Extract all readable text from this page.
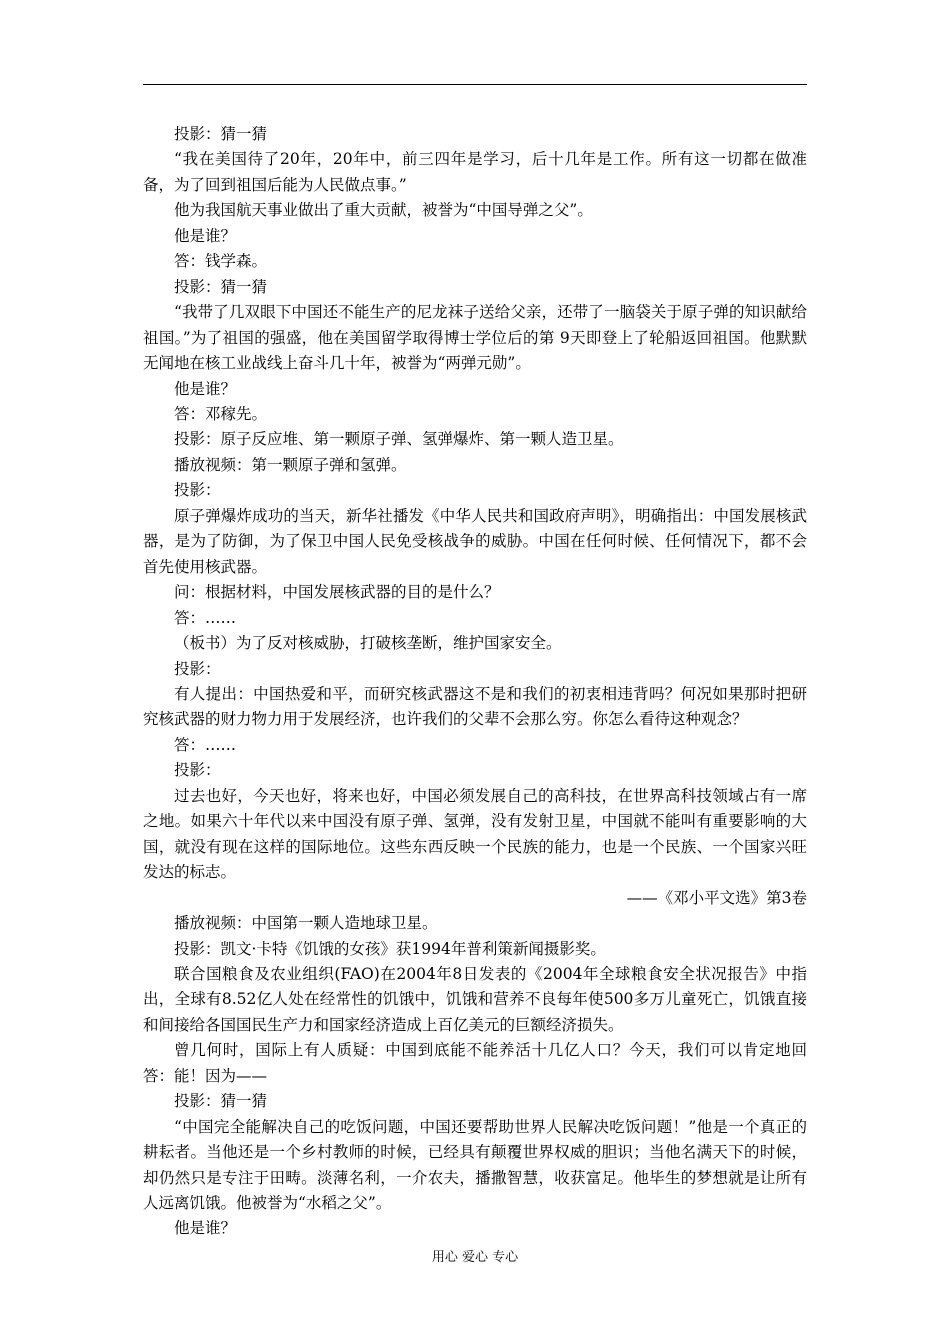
投影：猜一猜

“我在美国待了20年，20年中，前三四年是学习，后十几年是工作。所有这一切都在做准备，为了回到祖国后能为人民做点事。”

他为我国航天事业做出了重大贡献，被誉为“中国导弹之父”。

他是谁？

答：钱学森。

投影：猜一猜

“我带了几双眼下中国还不能生产的尼龙袜子送给父亲，还带了一脑袋关于原子弹的知识献给祖国。”为了祖国的强盛，他在美国留学取得博士学位后的第 9天即登上了轮船返回祖国。他默默无闻地在核工业战线上奋斗几十年，被誉为“两弹元勋”。

他是谁？

答：邓稼先。

投影：原子反应堆、第一颗原子弹、氢弹爆炸、第一颗人造卫星。

播放视频：第一颗原子弹和氢弹。

投影：

原子弹爆炸成功的当天，新华社播发《中华人民共和国政府声明》，明确指出：中国发展核武器，是为了防御，为了保卫中国人民免受核战争的威胁。中国在任何时候、任何情况下，都不会首先使用核武器。

问：根据材料，中国发展核武器的目的是什么？

答：……

（板书）为了反对核威胁，打破核垄断，维护国家安全。

投影：

有人提出：中国热爱和平，而研究核武器这不是和我们的初衷相违背吗？何况如果那时把研究核武器的财力物力用于发展经济，也许我们的父辈不会那么穷。你怎么看待这种观念？

答：……

投影：

过去也好，今天也好，将来也好，中国必须发展自己的高科技，在世界高科技领域占有一席之地。如果六十年代以来中国没有原子弹、氢弹，没有发射卫星，中国就不能叫有重要影响的大国，就没有现在这样的国际地位。这些东西反映一个民族的能力，也是一个民族、一个国家兴旺发达的标志。

——《邓小平文选》第3卷

播放视频：中国第一颗人造地球卫星。

投影：凯文·卡特《饥饿的女孩》获1994年普利策新闻摄影奖。

联合国粮食及农业组织(FAO)在2004年8日发表的《2004年全球粮食安全状况报告》中指出，全球有8.52亿人处在经常性的饥饿中，饥饿和营养不良每年使500多万儿童死亡，饥饿直接和间接给各国国民生产力和国家经济造成上百亿美元的巨额经济损失。

曾几何时，国际上有人质疑：中国到底能不能养活十几亿人口？今天，我们可以肯定地回答：能！因为——

投影：猜一猜

“中国完全能解决自己的吃饭问题，中国还要帮助世界人民解决吃饭问题！”他是一个真正的耕耘者。当他还是一个乡村教师的时候，已经具有颠覆世界权威的胆识；当他名满天下的时候，却仍然只是专注于田畴。淡薄名利，一介农夫，播撒智慧，收获富足。他毕生的梦想就是让所有人远离饥饿。他被誉为“水稻之父”。

他是谁？

用心 爱心 专心
